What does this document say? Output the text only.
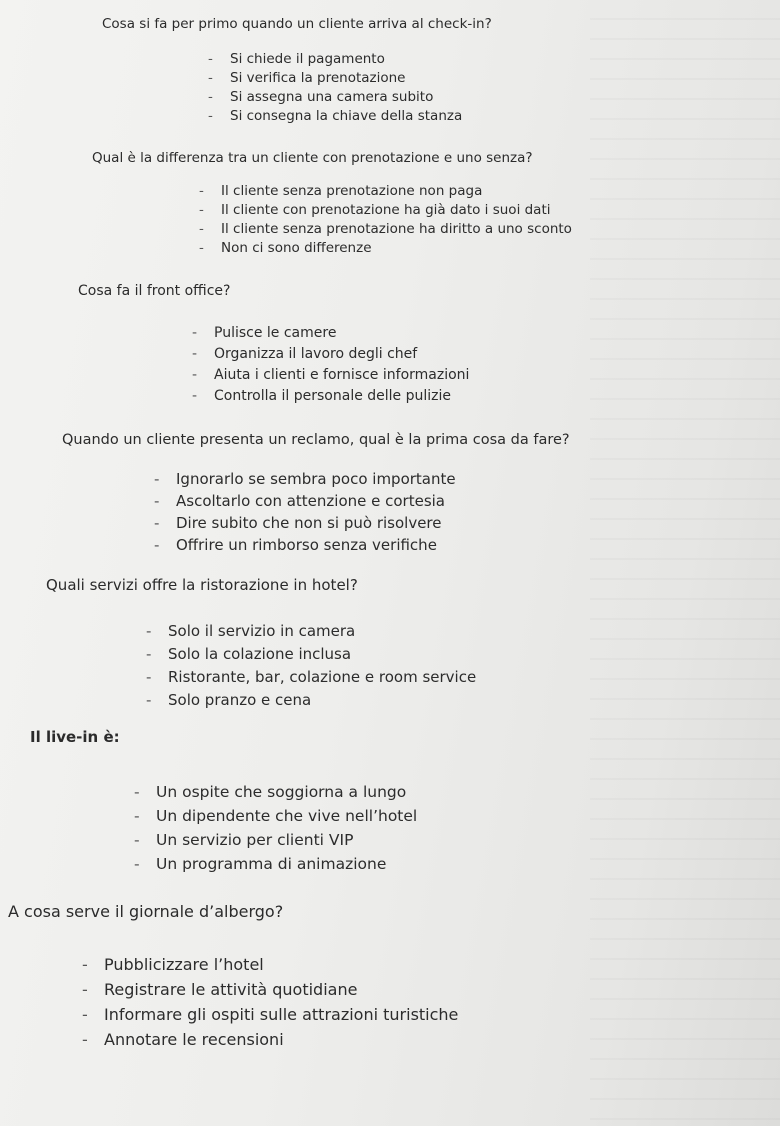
Cosa si fa per primo quando un cliente arriva al check-in?

- Si chiede il pagamento
- Si verifica la prenotazione
- Si assegna una camera subito
- Si consegna la chiave della stanza

Qual è la differenza tra un cliente con prenotazione e uno senza?

- Il cliente senza prenotazione non paga
- Il cliente con prenotazione ha già dato i suoi dati
- Il cliente senza prenotazione ha diritto a uno sconto
- Non ci sono differenze

Cosa fa il front office?

- Pulisce le camere
- Organizza il lavoro degli chef
- Aiuta i clienti e fornisce informazioni
- Controlla il personale delle pulizie

Quando un cliente presenta un reclamo, qual è la prima cosa da fare?

- Ignorarlo se sembra poco importante
- Ascoltarlo con attenzione e cortesia
- Dire subito che non si può risolvere
- Offrire un rimborso senza verifiche

Quali servizi offre la ristorazione in hotel?

- Solo il servizio in camera
- Solo la colazione inclusa
- Ristorante, bar, colazione e room service
- Solo pranzo e cena

Il live-in è:

- Un ospite che soggiorna a lungo
- Un dipendente che vive nell’hotel
- Un servizio per clienti VIP
- Un programma di animazione

A cosa serve il giornale d’albergo?

- Pubblicizzare l’hotel
- Registrare le attività quotidiane
- Informare gli ospiti sulle attrazioni turistiche
- Annotare le recensioni
